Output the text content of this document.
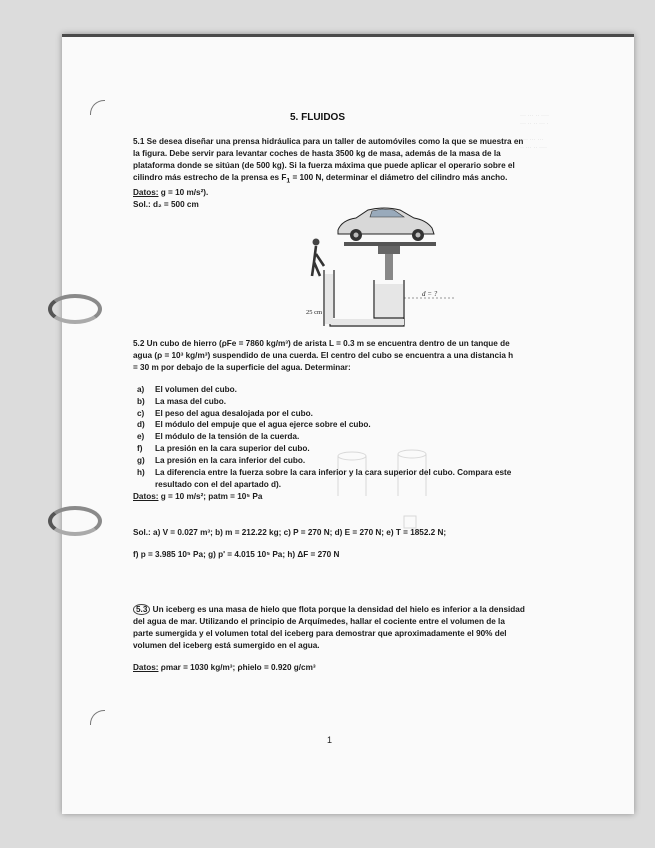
··· ··· ·· ····
··· ·· ·· ··· ·

···· ··· ···
·· ··· ·· ····
5. FLUIDOS

5.1 Se desea diseñar una prensa hidráulica para un taller de automóviles como la que se muestra en la figura. Debe servir para levantar coches de hasta 3500 kg de masa, además de la masa de la plataforma donde se sitúan (de 500 kg). Si la fuerza máxima que puede aplicar el operario sobre el cilindro más estrecho de la prensa es $F_1 = 100$ N, determinar el diámetro del cilindro más ancho.

Datos: g = 10 m/s²).

Sol.: d₂ = 500 cm

d = ?
25 cm

5.2 Un cubo de hierro (ρFe = 7860 kg/m³) de arista L = 0.3 m se encuentra dentro de un tanque de

agua (ρ = 10³ kg/m³) suspendido de una cuerda. El centro del cubo se encuentra a una distancia h

= 30 m por debajo de la superficie del agua. Determinar:

a) El volumen del cubo.
b) La masa del cubo.
c) El peso del agua desalojada por el cubo.
d) El módulo del empuje que el agua ejerce sobre el cubo.
e) El módulo de la tensión de la cuerda.
f) La presión en la cara superior del cubo.
g) La presión en la cara inferior del cubo.
h) La diferencia entre la fuerza sobre la cara inferior y la cara superior del cubo. Compara este resultado con el del apartado d).

Datos: g = 10 m/s²; patm = 10⁵ Pa

Sol.: a) V = 0.027 m³; b) m = 212.22 kg; c) P = 270 N; d) E = 270 N; e) T = 1852.2 N;

f) p = 3.985 10⁵ Pa; g) p' = 4.015 10⁵ Pa; h) ΔF = 270 N

5.3 Un iceberg es una masa de hielo que flota porque la densidad del hielo es inferior a la densidad

del agua de mar. Utilizando el principio de Arquímedes, hallar el cociente entre el volumen de la

parte sumergida y el volumen total del iceberg para demostrar que aproximadamente el 90% del

volumen del iceberg está sumergido en el agua.

Datos: ρmar = 1030 kg/m³; ρhielo = 0.920 g/cm³

1
